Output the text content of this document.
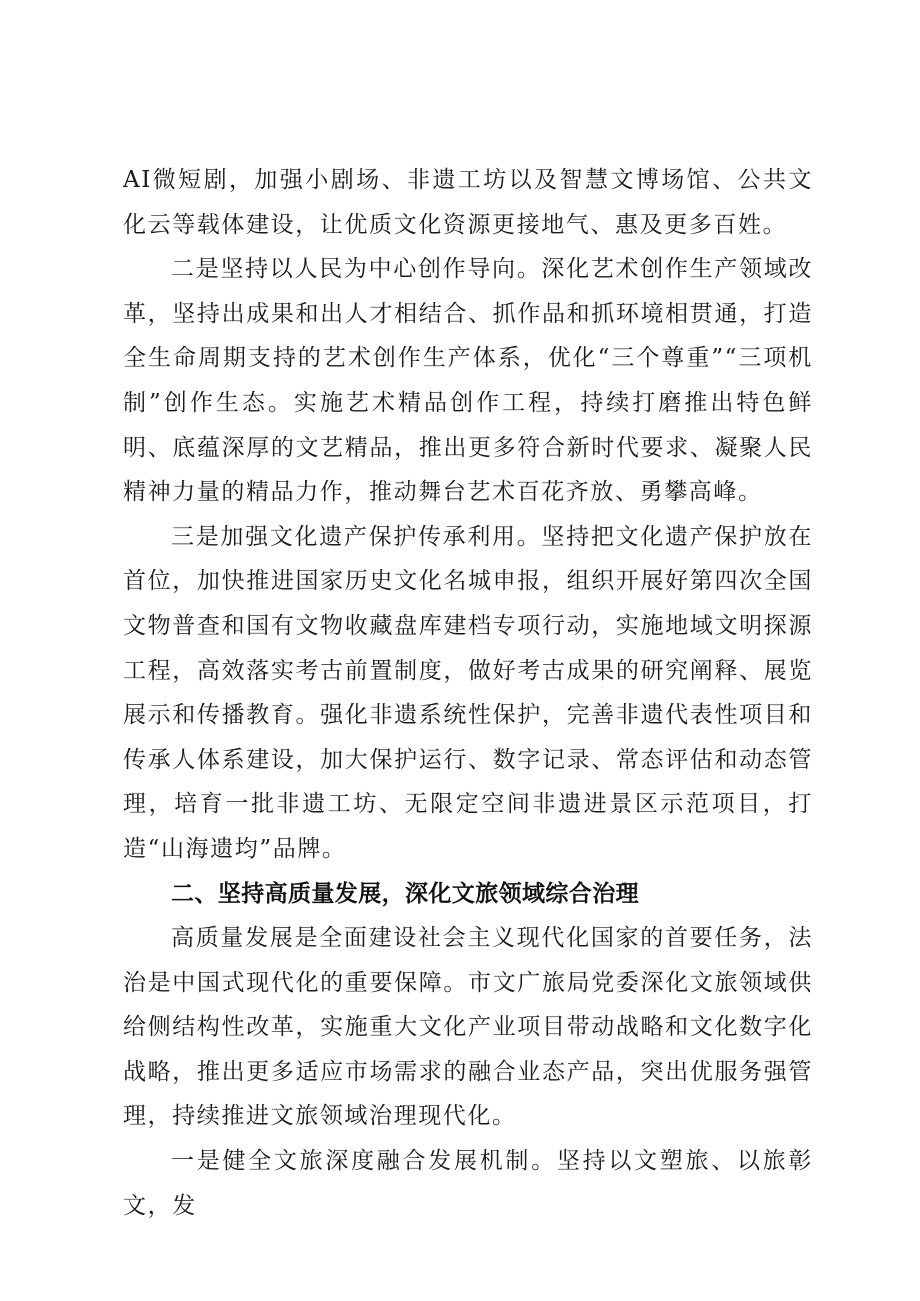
AI微短剧，加强小剧场、非遗工坊以及智慧文博场馆、公共文化云等载体建设，让优质文化资源更接地气、惠及更多百姓。

二是坚持以人民为中心创作导向。深化艺术创作生产领域改革，坚持出成果和出人才相结合、抓作品和抓环境相贯通，打造全生命周期支持的艺术创作生产体系，优化“三个尊重”“三项机制”创作生态。实施艺术精品创作工程，持续打磨推出特色鲜明、底蕴深厚的文艺精品，推出更多符合新时代要求、凝聚人民精神力量的精品力作，推动舞台艺术百花齐放、勇攀高峰。

三是加强文化遗产保护传承利用。坚持把文化遗产保护放在首位，加快推进国家历史文化名城申报，组织开展好第四次全国文物普查和国有文物收藏盘库建档专项行动，实施地域文明探源工程，高效落实考古前置制度，做好考古成果的研究阐释、展览展示和传播教育。强化非遗系统性保护，完善非遗代表性项目和传承人体系建设，加大保护运行、数字记录、常态评估和动态管理，培育一批非遗工坊、无限定空间非遗进景区示范项目，打造“山海遗均”品牌。

二、坚持高质量发展，深化文旅领域综合治理

高质量发展是全面建设社会主义现代化国家的首要任务，法治是中国式现代化的重要保障。市文广旅局党委深化文旅领域供给侧结构性改革，实施重大文化产业项目带动战略和文化数字化战略，推出更多适应市场需求的融合业态产品，突出优服务强管理，持续推进文旅领域治理现代化。

一是健全文旅深度融合发展机制。坚持以文塑旅、以旅彰文，发
